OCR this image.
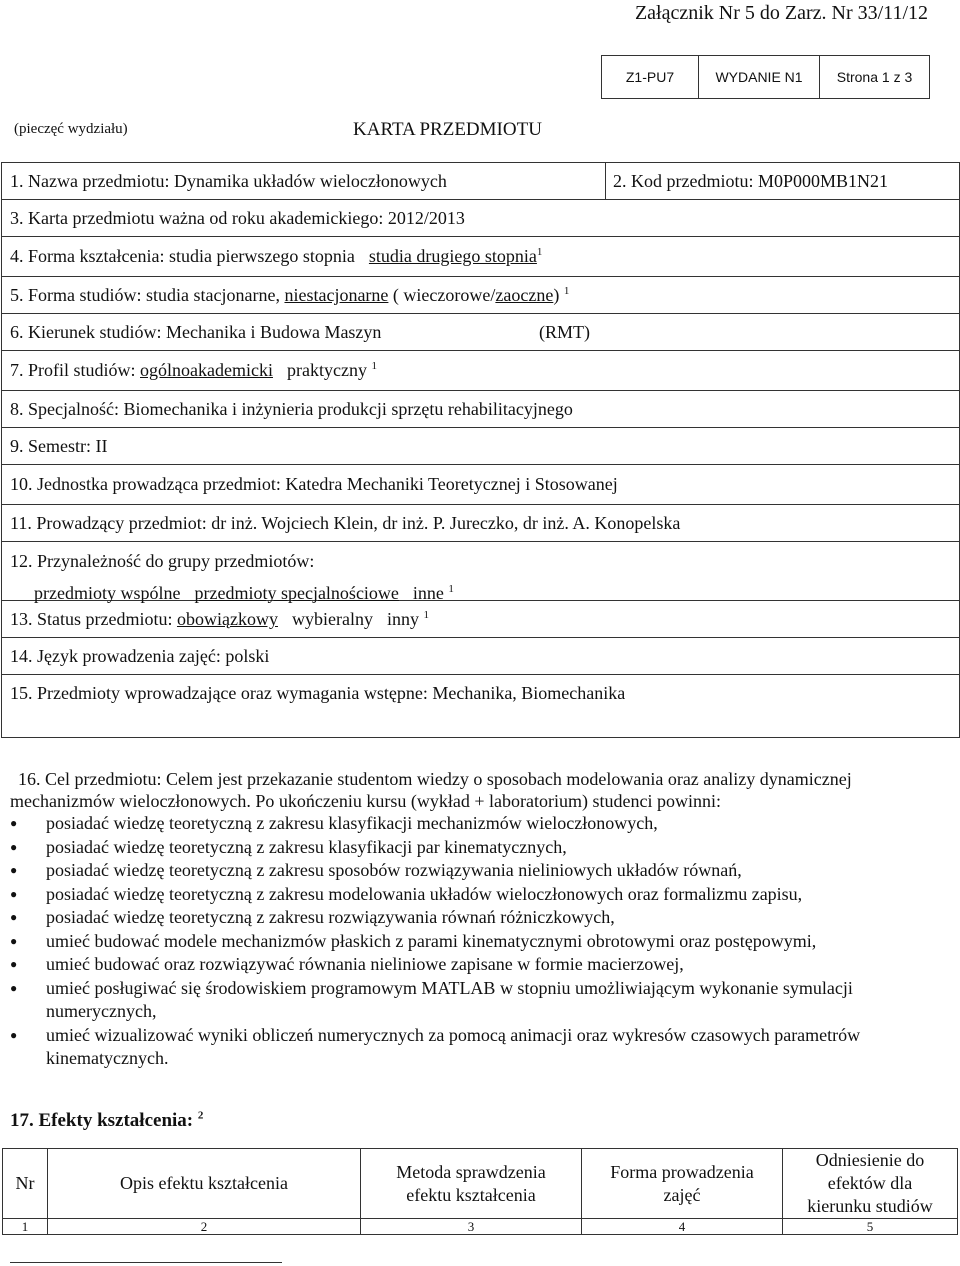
Załącznik Nr 5 do Zarz. Nr 33/11/12
Z1-PU7	WYDANIE N1	Strona 1 z 3
(pieczęć wydziału)	KARTA PRZEDMIOTU
1. Nazwa przedmiotu: Dynamika układów wieloczłonowych	2. Kod przedmiotu: M0P000MB1N21
3. Karta przedmiotu ważna od roku akademickiego: 2012/2013
4. Forma kształcenia: studia pierwszego stopnia studia drugiego stopnia$^1$
5. Forma studiów: studia stacjonarne, niestacjonarne ( wieczorowe/zaoczne) $^1$
6. Kierunek studiów: Mechanika i Budowa Maszyn	(RMT)
7. Profil studiów: ogólnoakademicki praktyczny $^1$
8. Specjalność: Biomechanika i inżynieria produkcji sprzętu rehabilitacyjnego
9. Semestr: II
10. Jednostka prowadząca przedmiot: Katedra Mechaniki Teoretycznej i Stosowanej
11. Prowadzący przedmiot: dr inż. Wojciech Klein, dr inż. P. Jureczko, dr inż. A. Konopelska
12. Przynależność do grupy przedmiotów:
przedmioty wspólne przedmioty specjalnościowe inne $^1$
13. Status przedmiotu: obowiązkowy wybieralny inny $^1$
14. Język prowadzenia zajęć: polski
15. Przedmioty wprowadzające oraz wymagania wstępne: Mechanika, Biomechanika
16. Cel przedmiotu: Celem jest przekazanie studentom wiedzy o sposobach modelowania oraz analizy dynamicznej mechanizmów wieloczłonowych. Po ukończeniu kursu (wykład + laboratorium) studenci powinni:
● posiadać wiedzę teoretyczną z zakresu klasyfikacji mechanizmów wieloczłonowych,
● posiadać wiedzę teoretyczną z zakresu klasyfikacji par kinematycznych,
● posiadać wiedzę teoretyczną z zakresu sposobów rozwiązywania nieliniowych układów równań,
● posiadać wiedzę teoretyczną z zakresu modelowania układów wieloczłonowych oraz formalizmu zapisu,
● posiadać wiedzę teoretyczną z zakresu rozwiązywania równań różniczkowych,
● umieć budować modele mechanizmów płaskich z parami kinematycznymi obrotowymi oraz postępowymi,
● umieć budować oraz rozwiązywać równania nieliniowe zapisane w formie macierzowej,
● umieć posługiwać się środowiskiem programowym MATLAB w stopniu umożliwiającym wykonanie symulacji numerycznych,
● umieć wizualizować wyniki obliczeń numerycznych za pomocą animacji oraz wykresów czasowych parametrów kinematycznych.
17. Efekty kształcenia: $^2$
Nr	Opis efektu kształcenia	Metoda sprawdzenia efektu kształcenia	Forma prowadzenia zajęć	Odniesienie do efektów dla kierunku studiów
1	2	3	4	5
